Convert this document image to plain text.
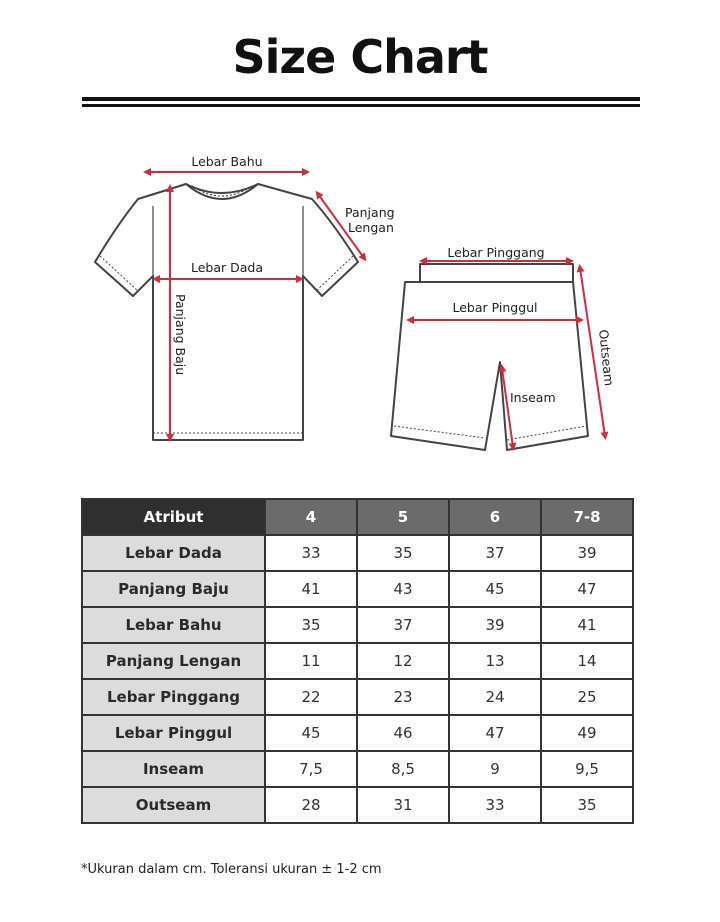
Size Chart
Lebar Bahu
Panjang
Lengan
Lebar Dada
Panjang Baju
Lebar Pinggang
Lebar Pinggul
Outseam
Inseam
Atribut	4	5	6	7-8
Lebar Dada	33	35	37	39
Panjang Baju	41	43	45	47
Lebar Bahu	35	37	39	41
Panjang Lengan	11	12	13	14
Lebar Pinggang	22	23	24	25
Lebar Pinggul	45	46	47	49
Inseam	7,5	8,5	9	9,5
Outseam	28	31	33	35
*Ukuran dalam cm. Toleransi ukuran ± 1-2 cm
